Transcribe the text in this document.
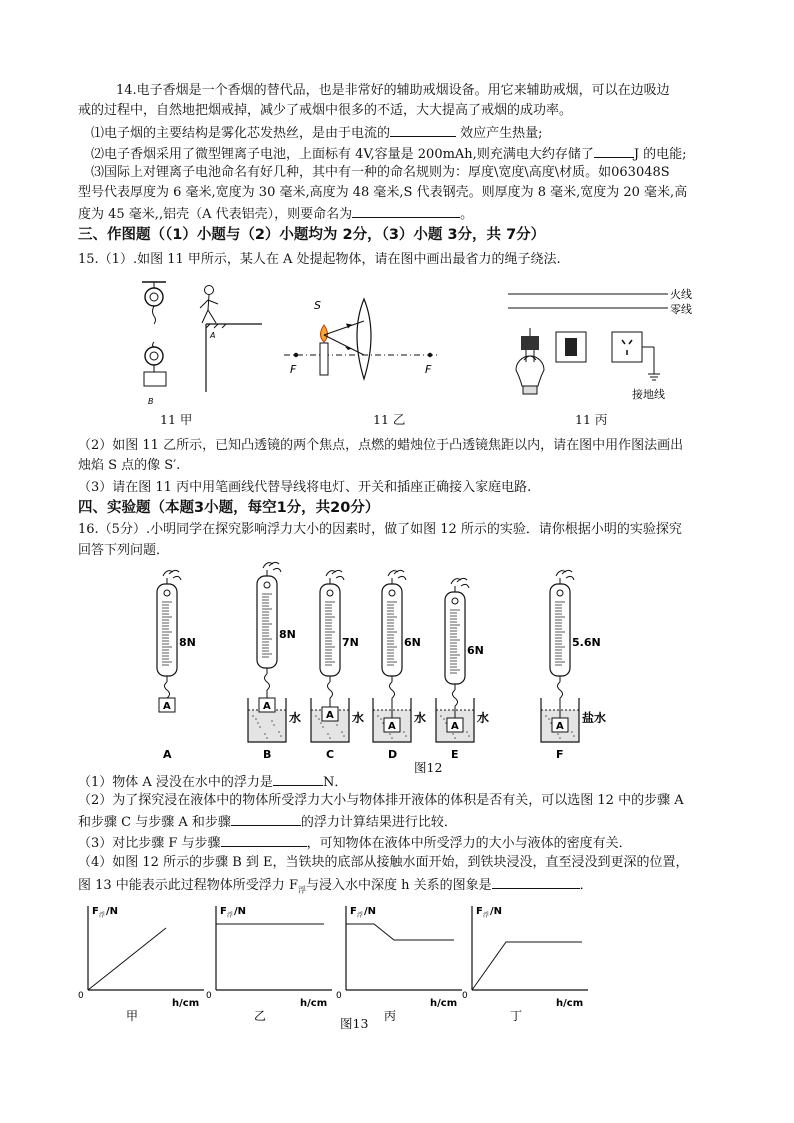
14.电子香烟是一个香烟的替代品，也是非常好的辅助戒烟设备。用它来辅助戒烟，可以在边吸边
戒的过程中，自然地把烟戒掉，减少了戒烟中很多的不适，大大提高了戒烟的成功率。
⑴电子烟的主要结构是雾化芯发热丝，是由于电流的	效应产生热量;
⑵电子香烟采用了微型锂离子电池，上面标有 4V,容量是 200mAh,则充满电大约存储了	J 的电能;
⑶国际上对锂离子电池命名有好几种，其中有一种的命名规则为：厚度\宽度\高度\材质。如063048S
型号代表厚度为 6 毫米,宽度为 30 毫米,高度为 48 毫米,S 代表钢壳。则厚度为 8 毫米,宽度为 20 毫米,高
度为 45 毫米,,铝壳（A 代表铝壳），则要命名为	。
三、作图题（（1）小题与（2）小题均为 2分，（3）小题 3分，共 7分）
15.（1）.如图 11 甲所示，某人在 A 处提起物体，请在图中画出最省力的绳子绕法.
B
A
F	F
S
火线
零线
接地线
11 甲	11 乙	11 丙
（2）如图 11 乙所示，已知凸透镜的两个焦点，点燃的蜡烛位于凸透镜焦距以内，请在图中用作图法画出
烛焰 S 点的像 S′.
（3）请在图 11 丙中用笔画线代替导线将电灯、开关和插座正确接入家庭电路.
四、实验题（本题3小题，每空1分，共20分）
16.（5分）.小明同学在探究影响浮力大小的因素时，做了如图 12 所示的实验．请你根据小明的实验探究
回答下列问题．
8N
A
A
8N
A
水
B
7N
A 水
C
6N
A
水
D
6N
A
水
E
5.6N
A
盐水
F
图12
（1）物体 A 浸没在水中的浮力是	N．
（2）为了探究浸在液体中的物体所受浮力大小与物体排开液体的体积是否有关，可以选图 12 中的步骤 A
和步骤 C 与步骤 A 和步骤	的浮力计算结果进行比较．
（3）对比步骤 F 与步骤	，可知物体在液体中所受浮力的大小与液体的密度有关．
（4）如图 12 所示的步骤 B 到 E，当铁块的底部从接触水面开始，到铁块浸没，直至浸没到更深的位置，
图 13 中能表示此过程物体所受浮力 $F_浮$与浸入水中深度 h 关系的图象是	．
F 浮 /N
0
h/cm
甲
F 浮 /N
0
h/cm
乙
F 浮 /N
0
h/cm
丙
F 浮 /N
0
h/cm
丁
图13
